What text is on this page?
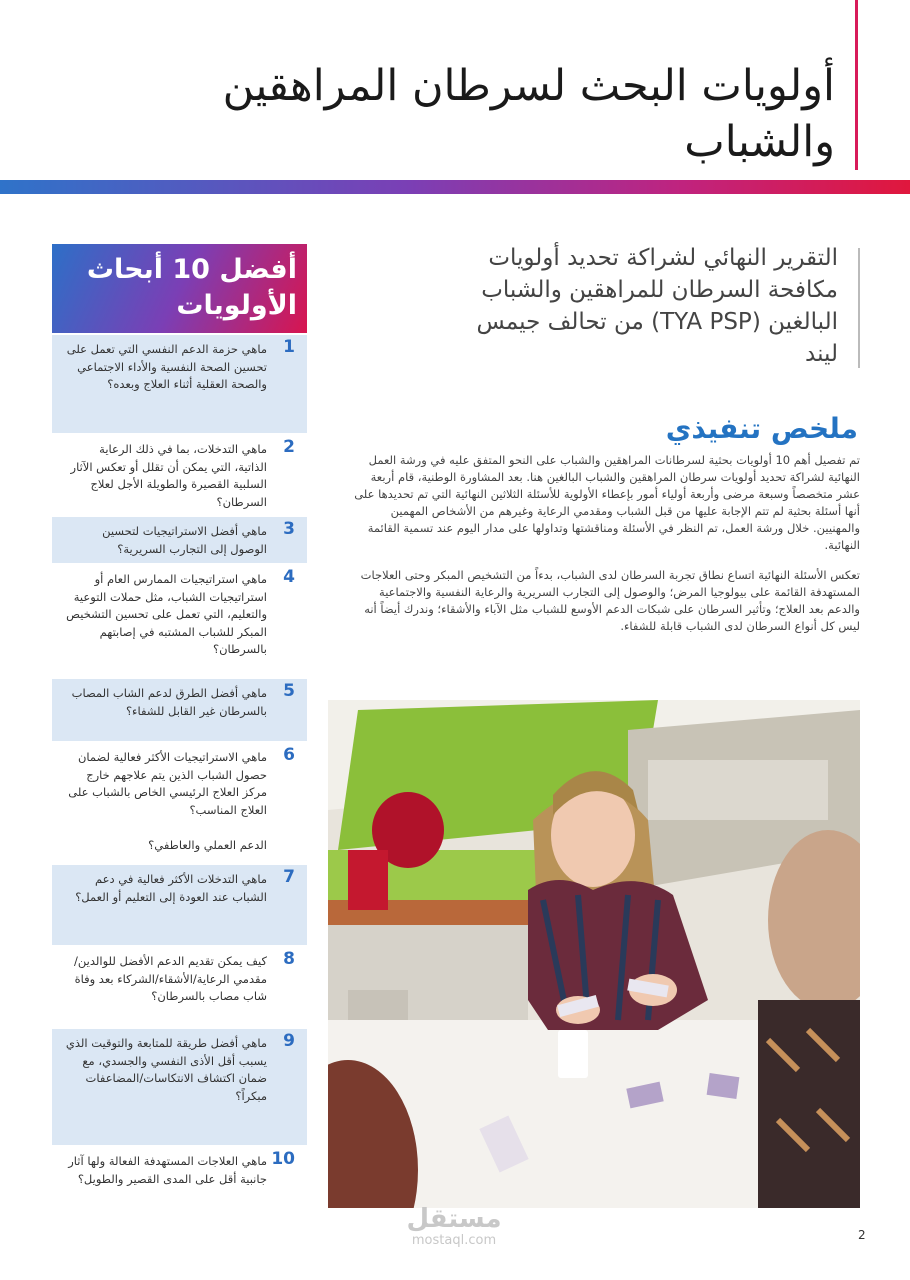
أولويات البحث لسرطان المراهقين والشباب
التقرير النهائي لشراكة تحديد أولويات مكافحة السرطان للمراهقين والشباب البالغين (TYA PSP) من تحالف جيمس ليند
ملخص تنفيذي

تم تفصيل أهم 10 أولويات بحثية لسرطانات المراهقين والشباب على النحو المتفق عليه في ورشة العمل النهائية لشراكة تحديد أولويات سرطان المراهقين والشباب البالغين هنا. بعد المشاورة الوطنية، قام أربعة عشر متخصصاً وسبعة مرضى وأربعة أولياء أمور بإعطاء الأولوية للأسئلة الثلاثين النهائية التي تم تحديدها على أنها أسئلة بحثية لم تتم الإجابة عليها من قبل الشباب ومقدمي الرعاية وغيرهم من الأشخاص المهمين والمهنيين. خلال ورشة العمل، تم النظر في الأسئلة ومناقشتها وتداولها على مدار اليوم عند تسمية القائمة النهائية.

تعكس الأسئلة النهائية اتساع نطاق تجربة السرطان لدى الشباب، بدءاً من التشخيص المبكر وحتى العلاجات المستهدفة القائمة على بيولوجيا المرض؛ والوصول إلى التجارب السريرية والرعاية النفسية والاجتماعية والدعم بعد العلاج؛ وتأثير السرطان على شبكات الدعم الأوسع للشباب مثل الآباء والأشقاء؛ وندرك أيضاً أنه ليس كل أنواع السرطان لدى الشباب قابلة للشفاء.

أفضل 10 أبحاث الأولويات
1
ماهي حزمة الدعم النفسي التي تعمل على تحسين الصحة النفسية والأداء الاجتماعي والصحة العقلية أثناء العلاج وبعده؟
2
ماهي التدخلات، بما في ذلك الرعاية الذاتية، التي يمكن أن تقلل أو تعكس الآثار السلبية القصيرة والطويلة الأجل لعلاج السرطان؟
3
ماهي أفضل الاستراتيجيات لتحسين الوصول إلى التجارب السريرية؟
4
ماهي استراتيجيات الممارس العام أو استراتيجيات الشباب، مثل حملات التوعية والتعليم، التي تعمل على تحسين التشخيص المبكر للشباب المشتبه في إصابتهم بالسرطان؟
5
ماهي أفضل الطرق لدعم الشاب المصاب بالسرطان غير القابل للشفاء؟
6
ماهي الاستراتيجيات الأكثر فعالية لضمان حصول الشباب الذين يتم علاجهم خارج مركز العلاج الرئيسي الخاص بالشباب على العلاج المناسب؟

الدعم العملي والعاطفي؟
7
ماهي التدخلات الأكثر فعالية في دعم الشباب عند العودة إلى التعليم أو العمل؟
8
كيف يمكن تقديم الدعم الأفضل للوالدين/ مقدمي الرعاية/الأشقاء/الشركاء بعد وفاة شاب مصاب بالسرطان؟
9
ماهي أفضل طريقة للمتابعة والتوقيت الذي يسبب أقل الأذى النفسي والجسدي، مع ضمان اكتشاف الانتكاسات/المضاعفات مبكراً؟
10
ماهي العلاجات المستهدفة الفعالة ولها آثار جانبية أقل على المدى القصير والطويل؟
مستقل
mostaql.com	2
